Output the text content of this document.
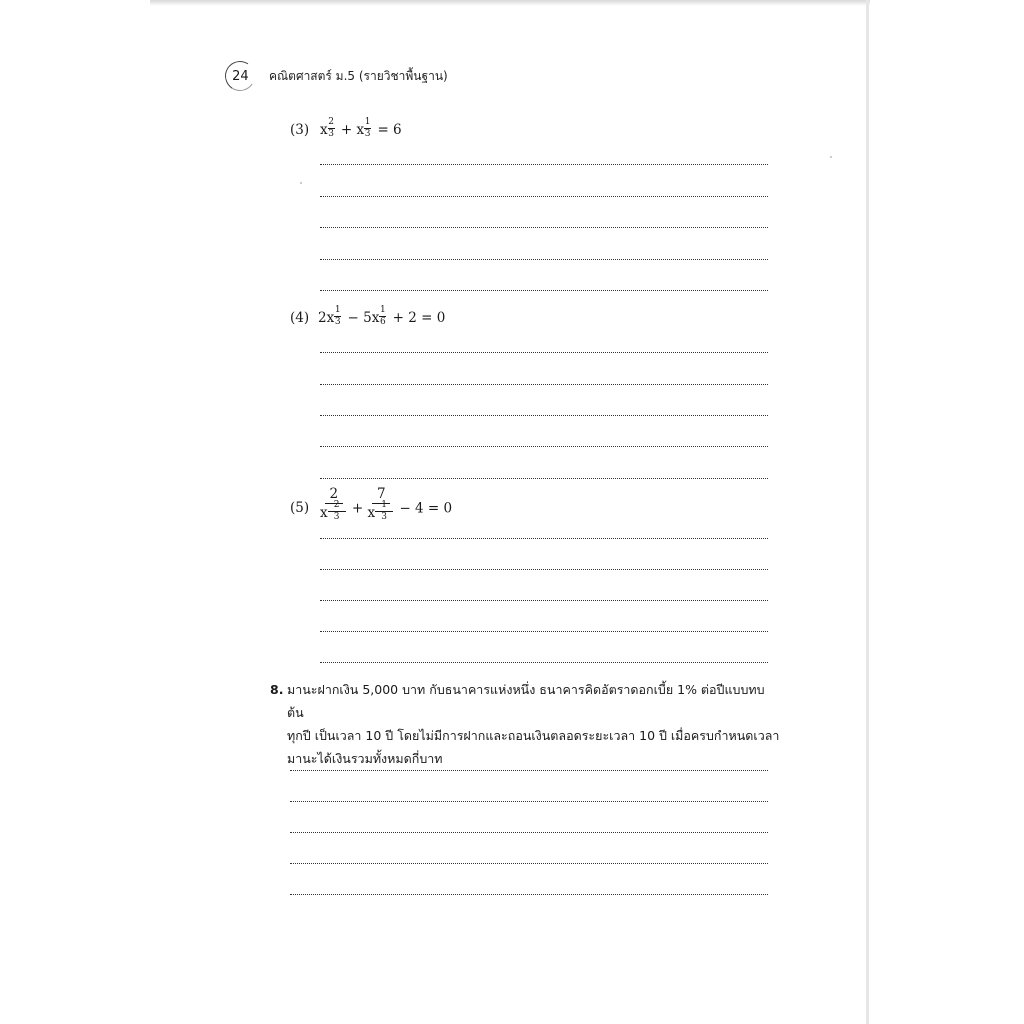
24 คณิตศาสตร์ ม.5 (รายวิชาพื้นฐาน)
(3) x $\frac{2}{3} + x \frac{1}{3} = 6$
(4) $2x \frac{1}{3} - 5x \frac{1}{6} + 2 = 0$
$(5) \frac{2}{x \frac{2}{3}} + \frac{7}{x \frac{1}{3}} - 4 = 0$
8. มานะฝากเงิน 5,000 บาท กับธนาคารแห่งหนึ่ง ธนาคารคิดอัตราดอกเบี้ย 1% ต่อปีแบบทบต้น
ทุกปี เป็นเวลา 10 ปี โดยไม่มีการฝากและถอนเงินตลอดระยะเวลา 10 ปี เมื่อครบกำหนดเวลา
มานะได้เงินรวมทั้งหมดกี่บาท
